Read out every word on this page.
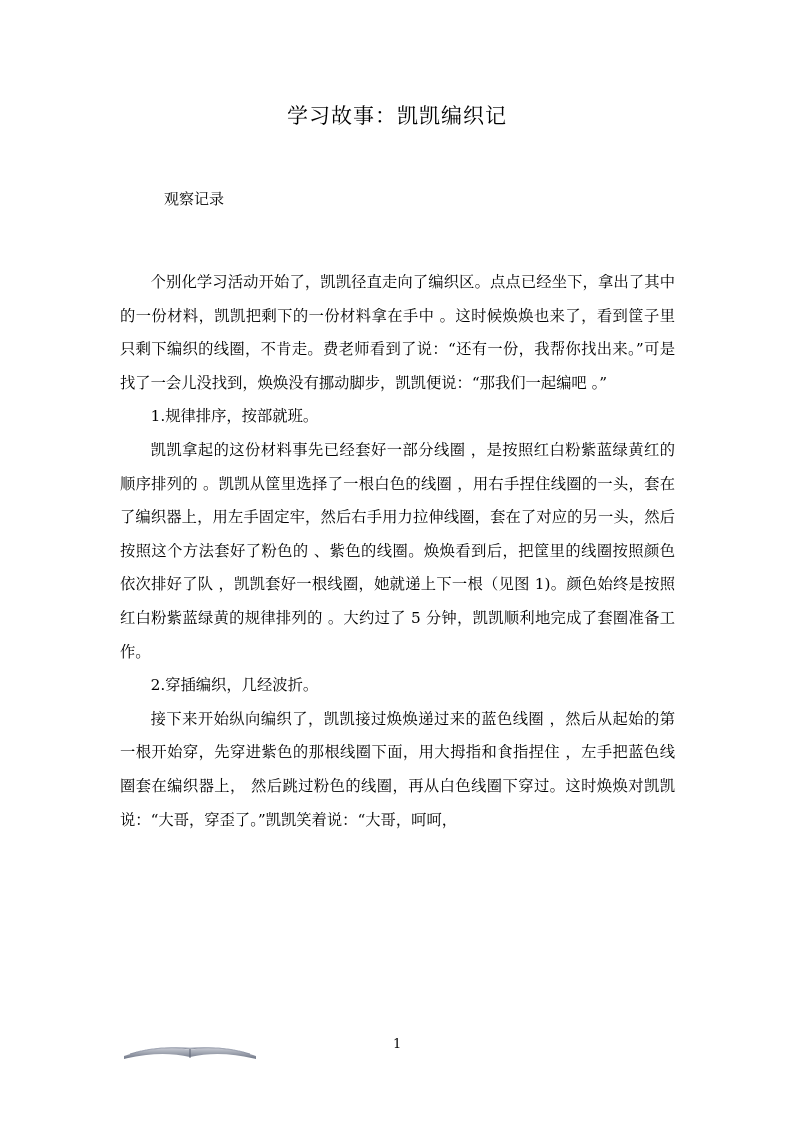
学习故事：凯凯编织记
观察记录

个别化学习活动开始了，凯凯径直走向了编织区。点点已经坐下，拿出了其中的一份材料，凯凯把剩下的一份材料拿在手中 。这时候焕焕也来了，看到筐子里只剩下编织的线圈，不肯走。费老师看到了说：“还有一份，我帮你找出来。”可是找了一会儿没找到，焕焕没有挪动脚步，凯凯便说：“那我们一起编吧 。”

1.规律排序，按部就班。

凯凯拿起的这份材料事先已经套好一部分线圈 ，是按照红白粉紫蓝绿黄红的顺序排列的 。凯凯从筐里选择了一根白色的线圈 ，用右手捏住线圈的一头，套在了编织器上，用左手固定牢，然后右手用力拉伸线圈，套在了对应的另一头，然后按照这个方法套好了粉色的 、紫色的线圈。焕焕看到后，把筐里的线圈按照颜色依次排好了队 ，凯凯套好一根线圈，她就递上下一根（见图 1)。颜色始终是按照红白粉紫蓝绿黄的规律排列的 。大约过了 5 分钟，凯凯顺利地完成了套圈准备工作。

2.穿插编织，几经波折。

接下来开始纵向编织了，凯凯接过焕焕递过来的蓝色线圈 ，然后从起始的第一根开始穿，先穿进紫色的那根线圈下面，用大拇指和食指捏住 ，左手把蓝色线圈套在编织器上， 然后跳过粉色的线圈，再从白色线圈下穿过。这时焕焕对凯凯说：“大哥，穿歪了。”凯凯笑着说：“大哥，呵呵，

1
